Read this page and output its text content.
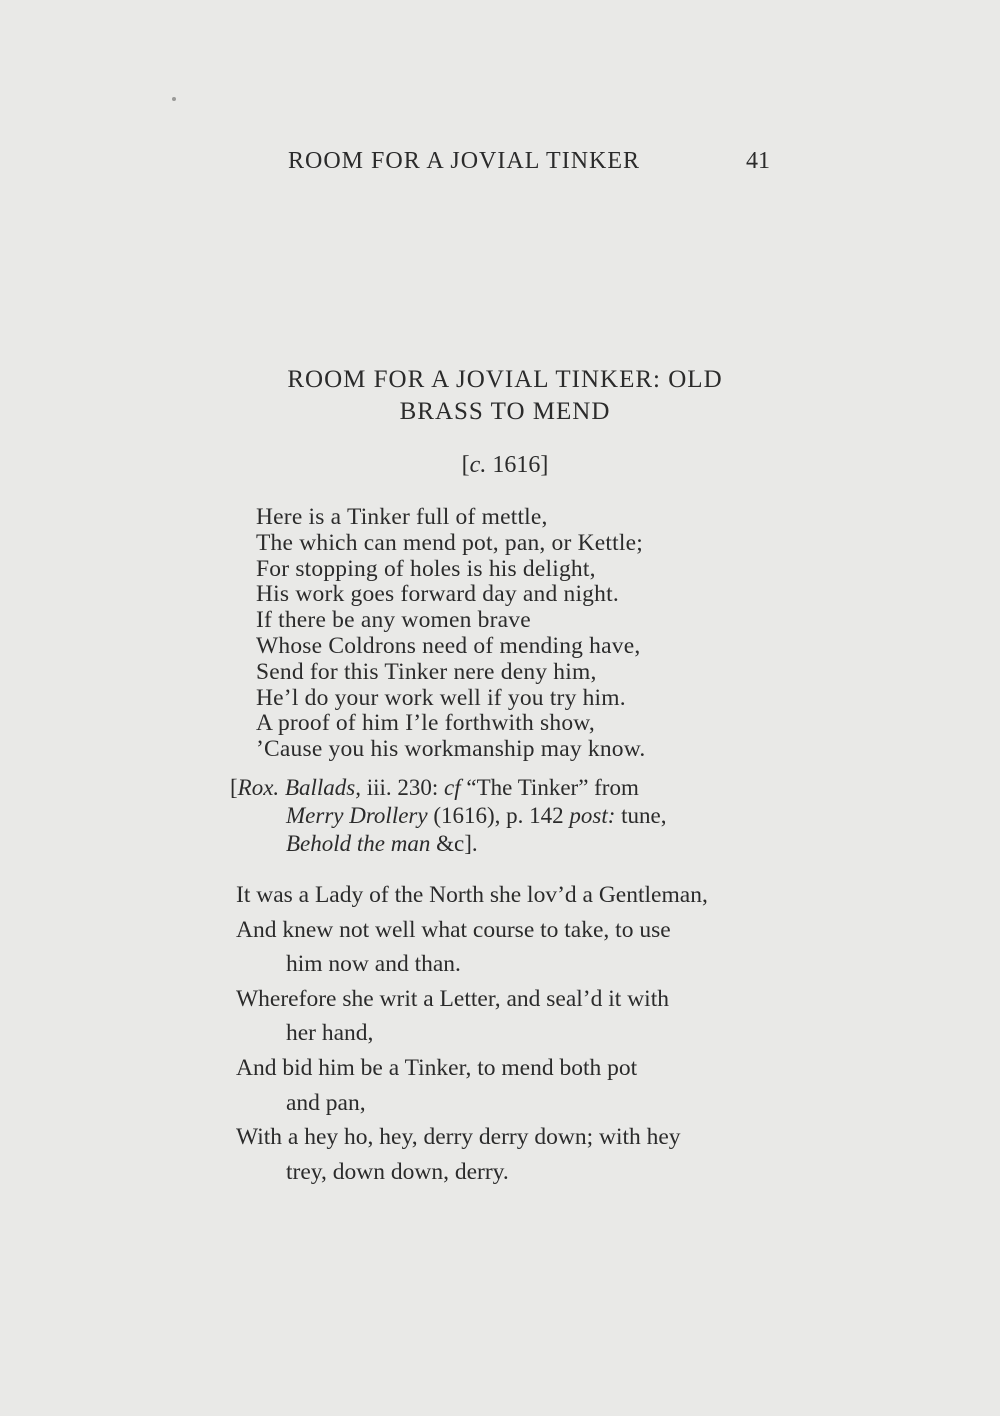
ROOM FOR A JOVIAL TINKER	41
ROOM FOR A JOVIAL TINKER: OLD
BRASS TO MEND
[c. 1616]
Here is a Tinker full of mettle,
The which can mend pot, pan, or Kettle;
For stopping of holes is his delight,
His work goes forward day and night.
If there be any women brave
Whose Coldrons need of mending have,
Send for this Tinker nere deny him,
He’l do your work well if you try him.
A proof of him I’le forthwith show,
’Cause you his workmanship may know.
[Rox. Ballads, iii. 230: cf “The Tinker” from
Merry Drollery (1616), p. 142 post: tune,
Behold the man &c].
It was a Lady of the North she lov’d a Gentleman,
And knew not well what course to take, to use
him now and than.
Wherefore she writ a Letter, and seal’d it with
her hand,
And bid him be a Tinker, to mend both pot
and pan,
With a hey ho, hey, derry derry down; with hey
trey, down down, derry.
